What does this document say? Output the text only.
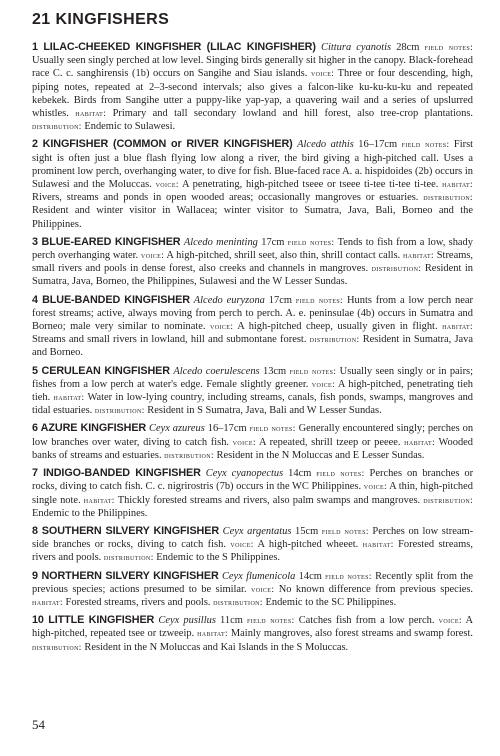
21 KINGFISHERS
1 LILAC-CHEEKED KINGFISHER (LILAC KINGFISHER) Cittura cyanotis 28cm field notes: Usually seen singly perched at low level. Singing birds generally sit higher in the canopy. Black-forehead race C. c. sanghirensis (1b) occurs on Sangihe and Siau islands. voice: Three or four descending, high, piping notes, repeated at 2–3-second intervals; also gives a falcon-like ku-ku-ku-ku and repeated kebekek. Birds from Sangihe utter a puppy-like yap-yap, a quavering wail and a series of upslurred whistles. habitat: Primary and tall secondary lowland and hill forest, also tree-crop plantations. distribution: Endemic to Sulawesi.
2 KINGFISHER (COMMON or RIVER KINGFISHER) Alcedo atthis 16–17cm field notes: First sight is often just a blue flash flying low along a river, the bird giving a high-pitched call. Uses a prominent low perch, overhanging water, to dive for fish. Blue-faced race A. a. hispidoides (2b) occurs in Sulawesi and the Moluccas. voice: A penetrating, high-pitched tseee or tseee ti-tee ti-tee ti-tee. habitat: Rivers, streams and ponds in open wooded areas; occasionally mangroves or estuaries. distribution: Resident and winter visitor in Wallacea; winter visitor to Sumatra, Java, Bali, Borneo and the Philippines.
3 BLUE-EARED KINGFISHER Alcedo meninting 17cm field notes: Tends to fish from a low, shady perch overhanging water. voice: A high-pitched, shrill seet, also thin, shrill contact calls. habitat: Streams, small rivers and pools in dense forest, also creeks and channels in mangroves. distribution: Resident in Sumatra, Java, Borneo, the Philippines, Sulawesi and the W Lesser Sundas.
4 BLUE-BANDED KINGFISHER Alcedo euryzona 17cm field notes: Hunts from a low perch near forest streams; active, always moving from perch to perch. A. e. peninsulae (4b) occurs in Sumatra and Borneo; male very similar to nominate. voice: A high-pitched cheep, usually given in flight. habitat: Streams and small rivers in lowland, hill and submontane forest. distribution: Resident in Sumatra, Java and Borneo.
5 CERULEAN KINGFISHER Alcedo coerulescens 13cm field notes: Usually seen singly or in pairs; fishes from a low perch at water's edge. Female slightly greener. voice: A high-pitched, penetrating tieh tieh. habitat: Water in low-lying country, including streams, canals, fish ponds, swamps, mangroves and tidal estuaries. distribution: Resident in S Sumatra, Java, Bali and W Lesser Sundas.
6 AZURE KINGFISHER Ceyx azureus 16–17cm field notes: Generally encountered singly; perches on low branches over water, diving to catch fish. voice: A repeated, shrill tzeep or peeee. habitat: Wooded banks of streams and estuaries. distribution: Resident in the N Moluccas and E Lesser Sundas.
7 INDIGO-BANDED KINGFISHER Ceyx cyanopectus 14cm field notes: Perches on branches or rocks, diving to catch fish. C. c. nigrirostris (7b) occurs in the WC Philippines. voice: A thin, high-pitched single note. habitat: Thickly forested streams and rivers, also palm swamps and mangroves. distribution: Endemic to the Philippines.
8 SOUTHERN SILVERY KINGFISHER Ceyx argentatus 15cm field notes: Perches on low stream-side branches or rocks, diving to catch fish. voice: A high-pitched wheeet. habitat: Forested streams, rivers and pools. distribution: Endemic to the S Philippines.
9 NORTHERN SILVERY KINGFISHER Ceyx flumenicola 14cm field notes: Recently split from the previous species; actions presumed to be similar. voice: No known difference from previous species. habitat: Forested streams, rivers and pools. distribution: Endemic to the SC Philippines.
10 LITTLE KINGFISHER Ceyx pusillus 11cm field notes: Catches fish from a low perch. voice: A high-pitched, repeated tsee or tzweeip. habitat: Mainly mangroves, also forest streams and swamp forest. distribution: Resident in the N Moluccas and Kai Islands in the S Moluccas.
54
